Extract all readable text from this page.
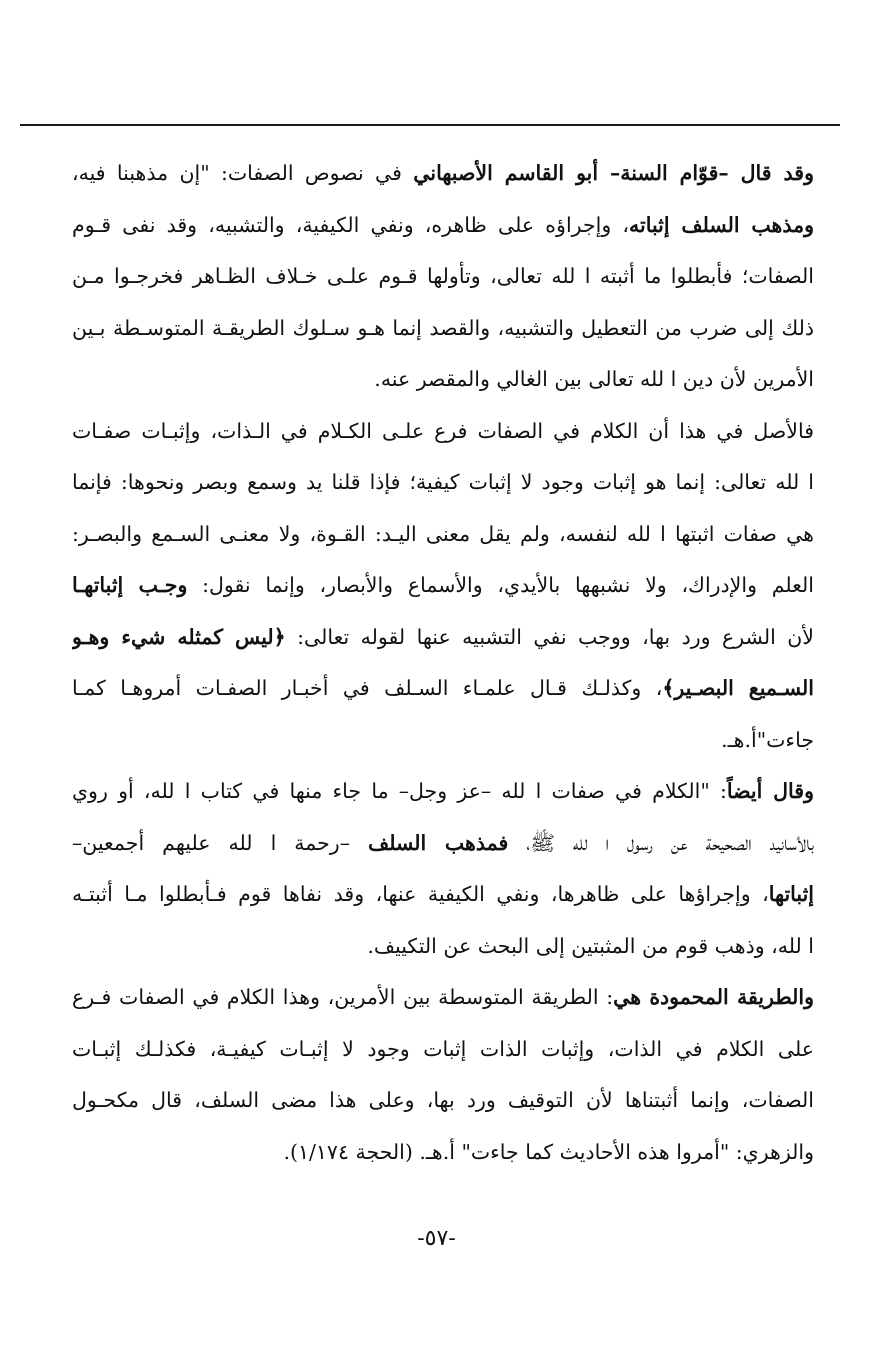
وقد قال –قوّام السنة– أبو القاسم الأصبهاني في نصوص الصفات: "إن مذهبنا فيه،
ومذهب السلف إثباته، وإجراؤه على ظاهره، ونفي الكيفية، والتشبيه، وقد نفى قـوم
الصفات؛ فأبطلوا ما أثبته ا لله تعالى، وتأولها قـوم علـى خـلاف الظـاهر فخرجـوا مـن
ذلك إلى ضرب من التعطيل والتشبيه، والقصد إنما هـو سـلوك الطريقـة المتوسـطة بـين
الأمرين لأن دين ا لله تعالى بين الغالي والمقصر عنه.
فالأصل في هذا أن الكلام في الصفات فرع علـى الكـلام في الـذات، وإثبـات صفـات
ا لله تعالى: إنما هو إثبات وجود لا إثبات كيفية؛ فإذا قلنا يد وسمع وبصر ونحوها: فإنما
هي صفات اثبتها ا لله لنفسه، ولم يقل معنى اليـد: القـوة، ولا معنـى السـمع والبصـر:
العلم والإدراك، ولا نشبهها بالأيدي، والأسماع والأبصار، وإنما نقول: وجـب إثباتهـا
لأن الشرع ورد بها، ووجب نفي التشبيه عنها لقوله تعالى: ﴿ليس كمثله شيء وهـو
السـميع البصـير﴾، وكذلـك قـال علمـاء السـلف في أخبـار الصفـات أمروهـا كمـا
جاءت"أ.هـ.
وقال أيضاً: "الكلام في صفات ا لله –عز وجل– ما جاء منها في كتاب ا لله، أو روي
بالأسانيد الصحيحة عن رسول ا لله ﷺ، فمذهب السلف –رحمة ا لله عليهم أجمعين–
إثباتها، وإجراؤها على ظاهرها، ونفي الكيفية عنها، وقد نفاها قوم فـأبطلوا مـا أثبتـه
ا لله، وذهب قوم من المثبتين إلى البحث عن التكييف.
والطريقة المحمودة هي: الطريقة المتوسطة بين الأمرين، وهذا الكلام في الصفات فـرع
على الكلام في الذات، وإثبات الذات إثبات وجود لا إثبـات كيفيـة، فكذلـك إثبـات
الصفات، وإنما أثبتناها لأن التوقيف ورد بها، وعلى هذا مضى السلف، قال مكحـول
والزهري: "أمروا هذه الأحاديث كما جاءت" أ.هـ. (الحجة ١/١٧٤).
-٥٧-
